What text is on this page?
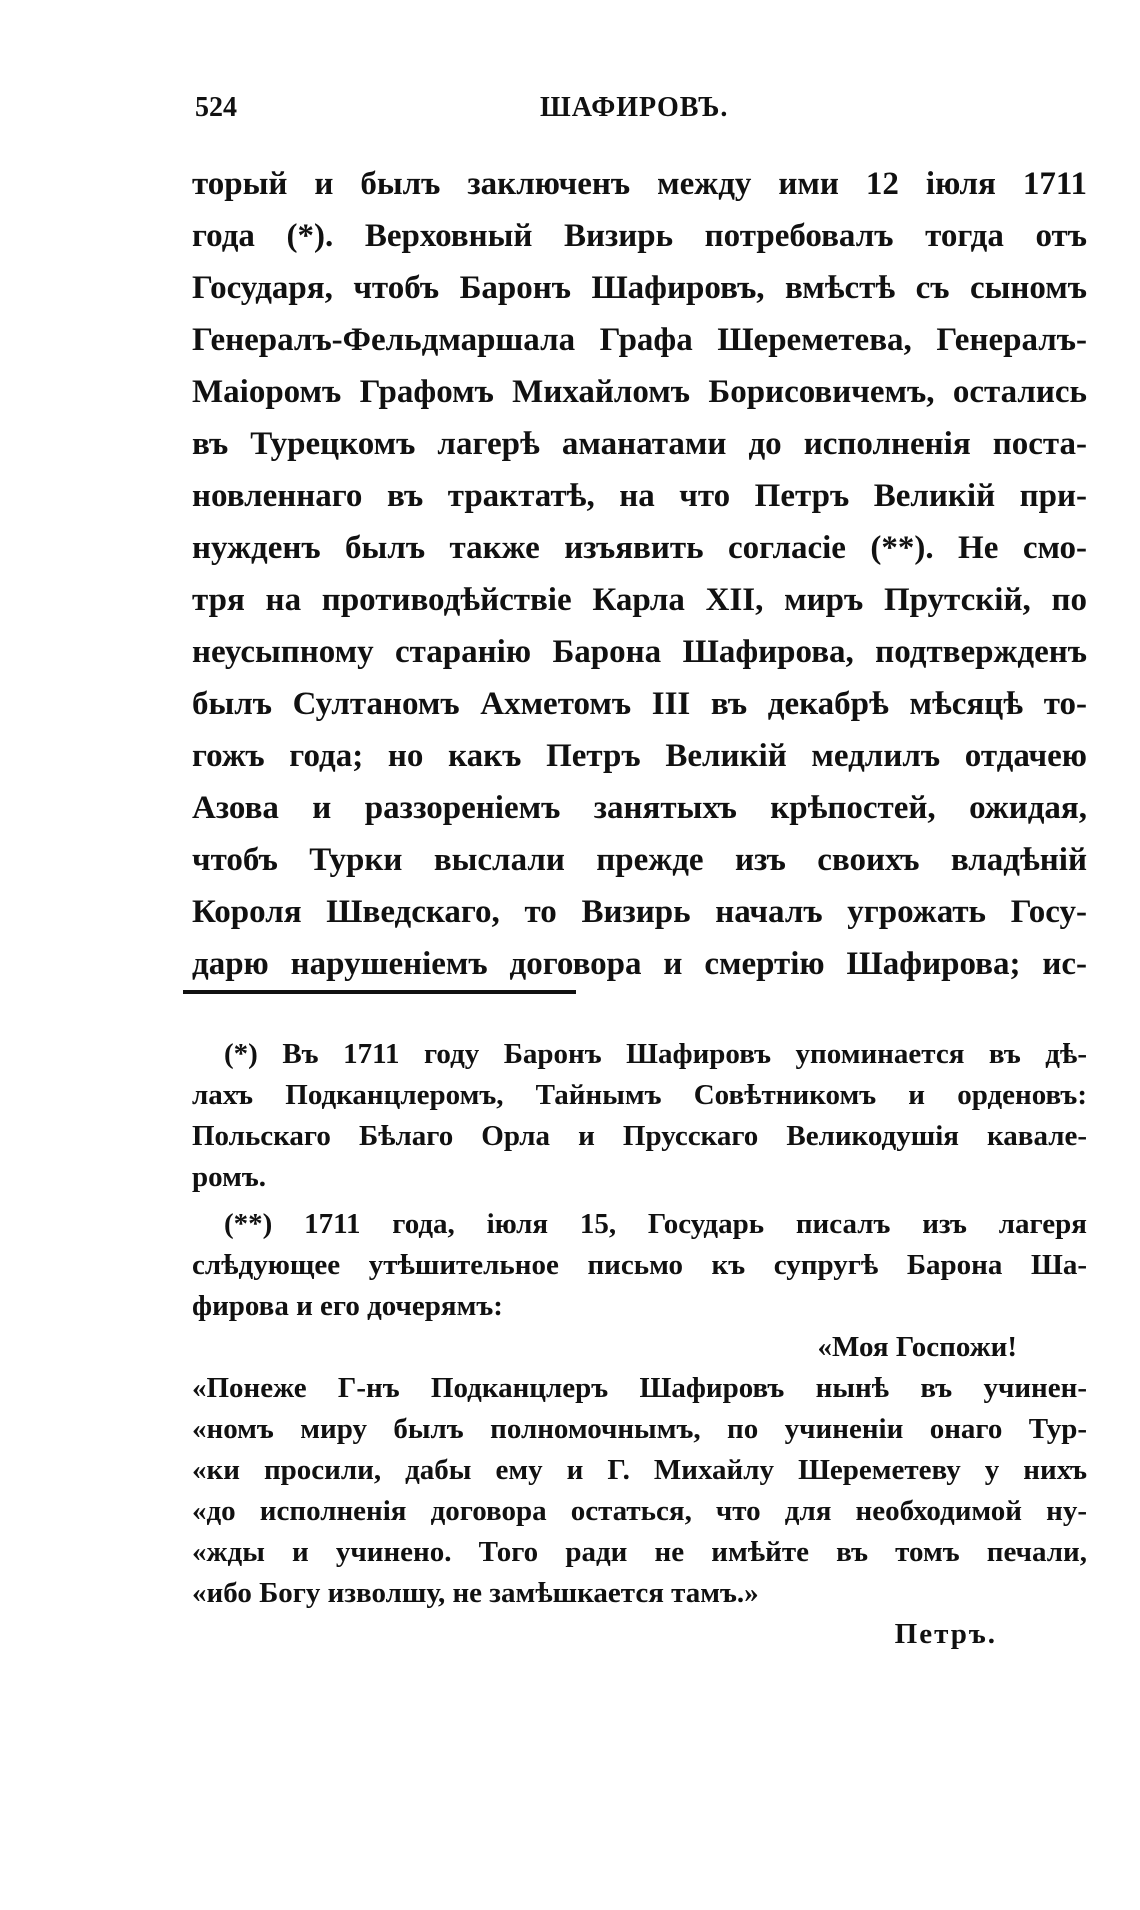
524	ШАФИРОВЪ.
торый и былъ заключенъ между ими 12 іюля 1711
года (*). Верховный Визирь потребовалъ тогда отъ
Государя, чтобъ Баронъ Шафировъ, вмѣстѣ съ сыномъ
Генералъ-Фельдмаршала Графа Шереметева, Генералъ-
Маіоромъ Графомъ Михайломъ Борисовичемъ, остались
въ Турецкомъ лагерѣ аманатами до исполненія поста-
новленнаго въ трактатѣ, на что Петръ Великій при-
нужденъ былъ также изъявить согласіе (**). Не смо-
тря на противодѣйствіе Карла XII, миръ Прутскій, по
неусыпному старанію Барона Шафирова, подтвержденъ
былъ Султаномъ Ахметомъ III въ декабрѣ мѣсяцѣ то-
гожъ года; но какъ Петръ Великій медлилъ отдачею
Азова и раззореніемъ занятыхъ крѣпостей, ожидая,
чтобъ Турки выслали прежде изъ своихъ владѣній
Короля Шведскаго, то Визирь началъ угрожать Госу-
дарю нарушеніемъ договора и смертію Шафирова; ис-
(*) Въ 1711 году Баронъ Шафировъ упоминается въ дѣ-
лахъ Подканцлеромъ, Тайнымъ Совѣтникомъ и орденовъ:
Польскаго Бѣлаго Орла и Прусскаго Великодушія кавале-
ромъ.
(**) 1711 года, іюля 15, Государь писалъ изъ лагеря
слѣдующее утѣшительное письмо къ супругѣ Барона Ша-
фирова и его дочерямъ:
«Моя Госпожи!
«Понеже Г-нъ Подканцлеръ Шафировъ нынѣ въ учинен-
«номъ миру былъ полномочнымъ, по учиненіи онаго Тур-
«ки просили, дабы ему и Г. Михайлу Шереметеву у нихъ
«до исполненія договора остаться, что для необходимой ну-
«жды и учинено. Того ради не имѣйте въ томъ печали,
«ибо Богу изволшу, не замѣшкается тамъ.»
Петръ.
